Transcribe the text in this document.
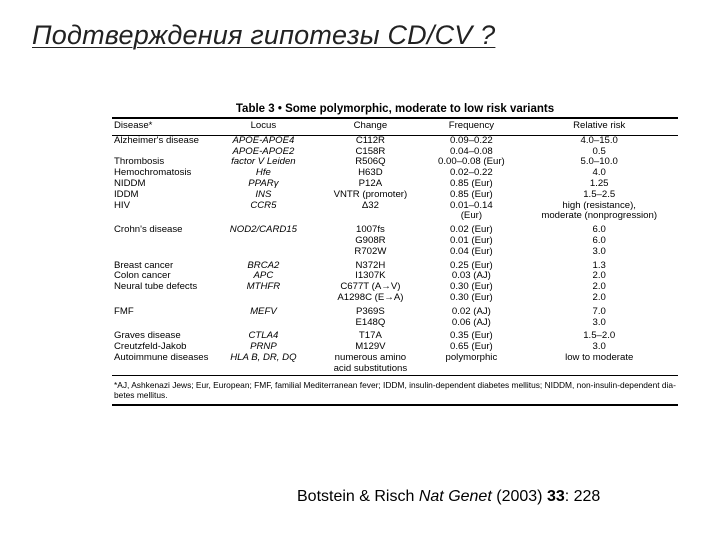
Подтверждения гипотезы CD/CV ?
Table 3 • Some polymorphic, moderate to low risk variants
Disease*	Locus	Change	Frequency	Relative risk

Alzheimer's disease	APOE-APOE4	C112R	0.09–0.22	4.0–15.0
	APOE-APOE2	C158R	0.04–0.08	0.5
Thrombosis	factor V Leiden	R506Q	0.00–0.08 (Eur)	5.0–10.0
Hemochromatosis	Hfe	H63D	0.02–0.22	4.0
NIDDM	PPARγ	P12A	0.85 (Eur)	1.25
IDDM	INS	VNTR (promoter)	0.85 (Eur)	1.5–2.5
HIV	CCR5	Δ32	0.01–0.14	high (resistance),
			(Eur)	moderate (nonprogression)
Crohn's disease	NOD2/CARD15	1007fs	0.02 (Eur)	6.0
		G908R	0.01 (Eur)	6.0
		R702W	0.04 (Eur)	3.0
Breast cancer	BRCA2	N372H	0.25 (Eur)	1.3
Colon cancer	APC	I1307K	0.03 (AJ)	2.0
Neural tube defects	MTHFR	C677T (A→V)	0.30 (Eur)	2.0
		A1298C (E→A)	0.30 (Eur)	2.0
FMF	MEFV	P369S	0.02 (AJ)	7.0
		E148Q	0.06 (AJ)	3.0
Graves disease	CTLA4	T17A	0.35 (Eur)	1.5–2.0
Creutzfeld-Jakob	PRNP	M129V	0.65 (Eur)	3.0
Autoimmune diseases	HLA B, DR, DQ	numerous amino	polymorphic	low to moderate
		acid substitutions		
*AJ, Ashkenazi Jews; Eur, European; FMF, familial Mediterranean fever; IDDM, insulin-dependent diabetes mellitus; NIDDM, non-insulin-dependent dia-
betes mellitus.
Botstein & Risch Nat Genet (2003) 33: 228
